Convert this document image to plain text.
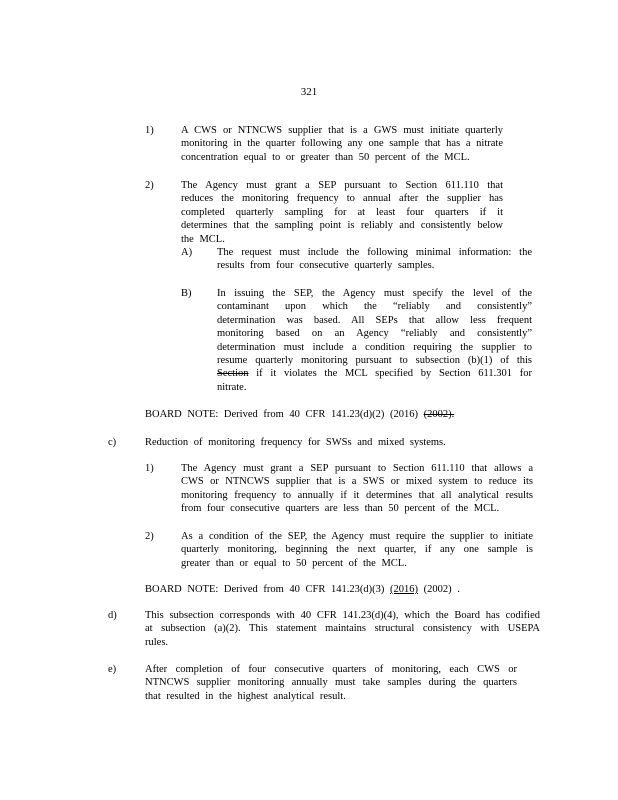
321
1)	A CWS or NTNCWS supplier that is a GWS must initiate quarterly monitoring in the quarter following any one sample that has a nitrate concentration equal to or greater than 50 percent of the MCL.
2)	The Agency must grant a SEP pursuant to Section 611.110 that reduces the monitoring frequency to annual after the supplier has completed quarterly sampling for at least four quarters if it determines that the sampling point is reliably and consistently below the MCL.
A) The request must include the following minimal information: the results from four consecutive quarterly samples.
B) In issuing the SEP, the Agency must specify the level of the contaminant upon which the “reliably and consistently” determination was based. All SEPs that allow less frequent monitoring based on an Agency “reliably and consistently” determination must include a condition requiring the supplier to resume quarterly monitoring pursuant to subsection (b)(1) of this Section if it violates the MCL specified by Section 611.301 for nitrate.
BOARD NOTE: Derived from 40 CFR 141.23(d)(2) (2016) (2002).
c)	Reduction of monitoring frequency for SWSs and mixed systems.
1)	The Agency must grant a SEP pursuant to Section 611.110 that allows a CWS or NTNCWS supplier that is a SWS or mixed system to reduce its monitoring frequency to annually if it determines that all analytical results from four consecutive quarters are less than 50 percent of the MCL.
2)	As a condition of the SEP, the Agency must require the supplier to initiate quarterly monitoring, beginning the next quarter, if any one sample is greater than or equal to 50 percent of the MCL.
BOARD NOTE: Derived from 40 CFR 141.23(d)(3) (2016) (2002) .
d)	This subsection corresponds with 40 CFR 141.23(d)(4), which the Board has codified at subsection (a)(2). This statement maintains structural consistency with USEPA rules.
e)	After completion of four consecutive quarters of monitoring, each CWS or NTNCWS supplier monitoring annually must take samples during the quarters that resulted in the highest analytical result.
